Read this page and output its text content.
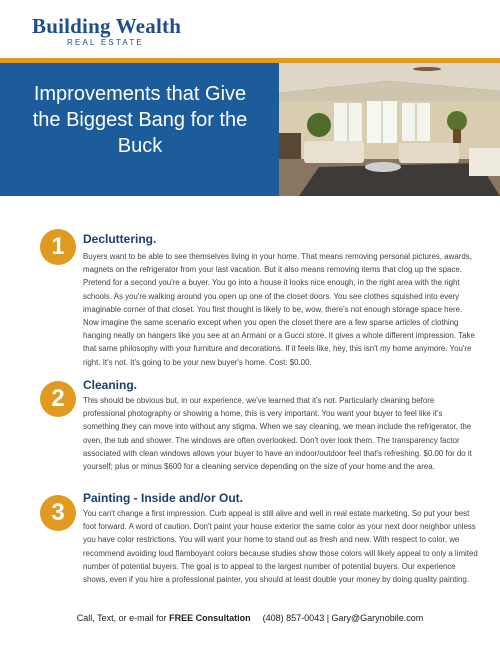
Building Wealth
REAL ESTATE
Improvements that Give the Biggest Bang for the Buck
1	Decluttering.
Buyers want to be able to see themselves living in your home. That means removing personal pictures, awards, magnets on the refrigerator from your last vacation. But it also means removing items that clog up the space. Pretend for a second you're a buyer. You go into a house it looks nice enough, in the right area with the right schools. As you're walking around you open up one of the closet doors. You see clothes squished into every imaginable corner of that closet. You first thought is likely to be, wow, there's not enough storage space here. Now imagine the same scenario except when you open the closet there are a few sparse articles of clothing hanging neatly on hangers like you see at an Armani or a Gucci store. It gives a whole different impression. Take that same philosophy with your furniture and decorations. If it feels like, hey, this isn't my home anymore. You're right. It's not. It's going to be your new buyer's home. Cost: $0.00.
2	Cleaning.
This should be obvious but, in our experience, we've learned that it's not. Particularly cleaning before professional photography or showing a home, this is very important. You want your buyer to feel like it's something they can move into without any stigma. When we say cleaning, we mean include the refrigerator, the oven, the tub and shower. The windows are often overlooked. Don't over look them. The transparency factor associated with clean windows allows your buyer to have an indoor/outdoor feel that's refreshing. $0.00 for do it yourself; plus or minus $600 for a cleaning service depending on the size of your home and the area.
3
Painting - Inside and/or Out.
You can't change a first impression. Curb appeal is still alive and well in real estate marketing. So put your best foot forward. A word of caution. Don't paint your house exterior the same color as your next door neighbor unless you have color restrictions. You will want your home to stand out as fresh and new. With respect to color, we recommend avoiding loud flamboyant colors because studies show those colors will likely appeal to only a limited number of potential buyers. The goal is to appeal to the largest number of potential buyers. Our experience shows, even if you hire a professional painter, you should at least double your money by doing quality painting.
Call, Text, or e-mail for FREE Consultation (408) 857-0043 | Gary@Garynobile.com
